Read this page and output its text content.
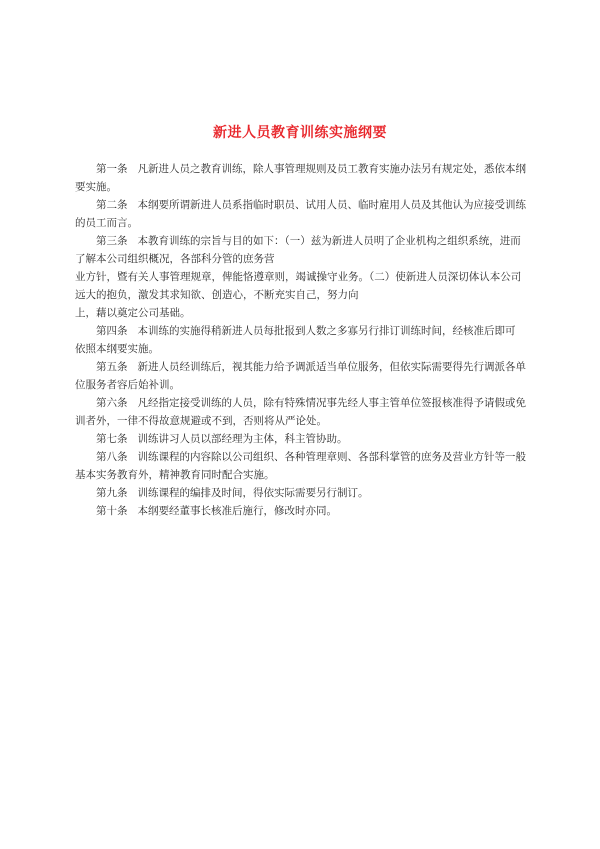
新进人员教育训练实施纲要

第一条 凡新进人员之教育训练，除人事管理规则及员工教育实施办法另有规定处，悉依本纲

要实施。

第二条 本纲要所谓新进人员系指临时职员、试用人员、临时雇用人员及其他认为应接受训练

的员工而言。

第三条 本教育训练的宗旨与目的如下：（一）兹为新进人员明了企业机构之组织系统，进而

了解本公司组织概况，各部科分管的庶务营

业方针，暨有关人事管理规章，俾能恪遵章则，竭诚操守业务。（二）使新进人员深切体认本公司

远大的抱负，激发其求知欲、创造心，不断充实自己，努力向

上，藉以奠定公司基础。

第四条 本训练的实施得稍新进人员每批报到人数之多寡另行排订训练时间，经核准后即可

依照本纲要实施。

第五条 新进人员经训练后，视其能力给予调派适当单位服务，但依实际需要得先行调派各单

位服务者容后始补训。

第六条 凡经指定接受训练的人员，除有特殊情况事先经人事主管单位签报核准得予请假或免

训者外，一律不得故意规避或不到，否则将从严论处。

第七条 训练讲习人员以部经理为主体，科主管协助。

第八条 训练课程的内容除以公司组织、各种管理章则、各部科掌管的庶务及营业方针等一般

基本实务教育外，精神教育同时配合实施。

第九条 训练课程的编排及时间，得依实际需要另行制订。

第十条 本纲要经董事长核准后施行，修改时亦同。
